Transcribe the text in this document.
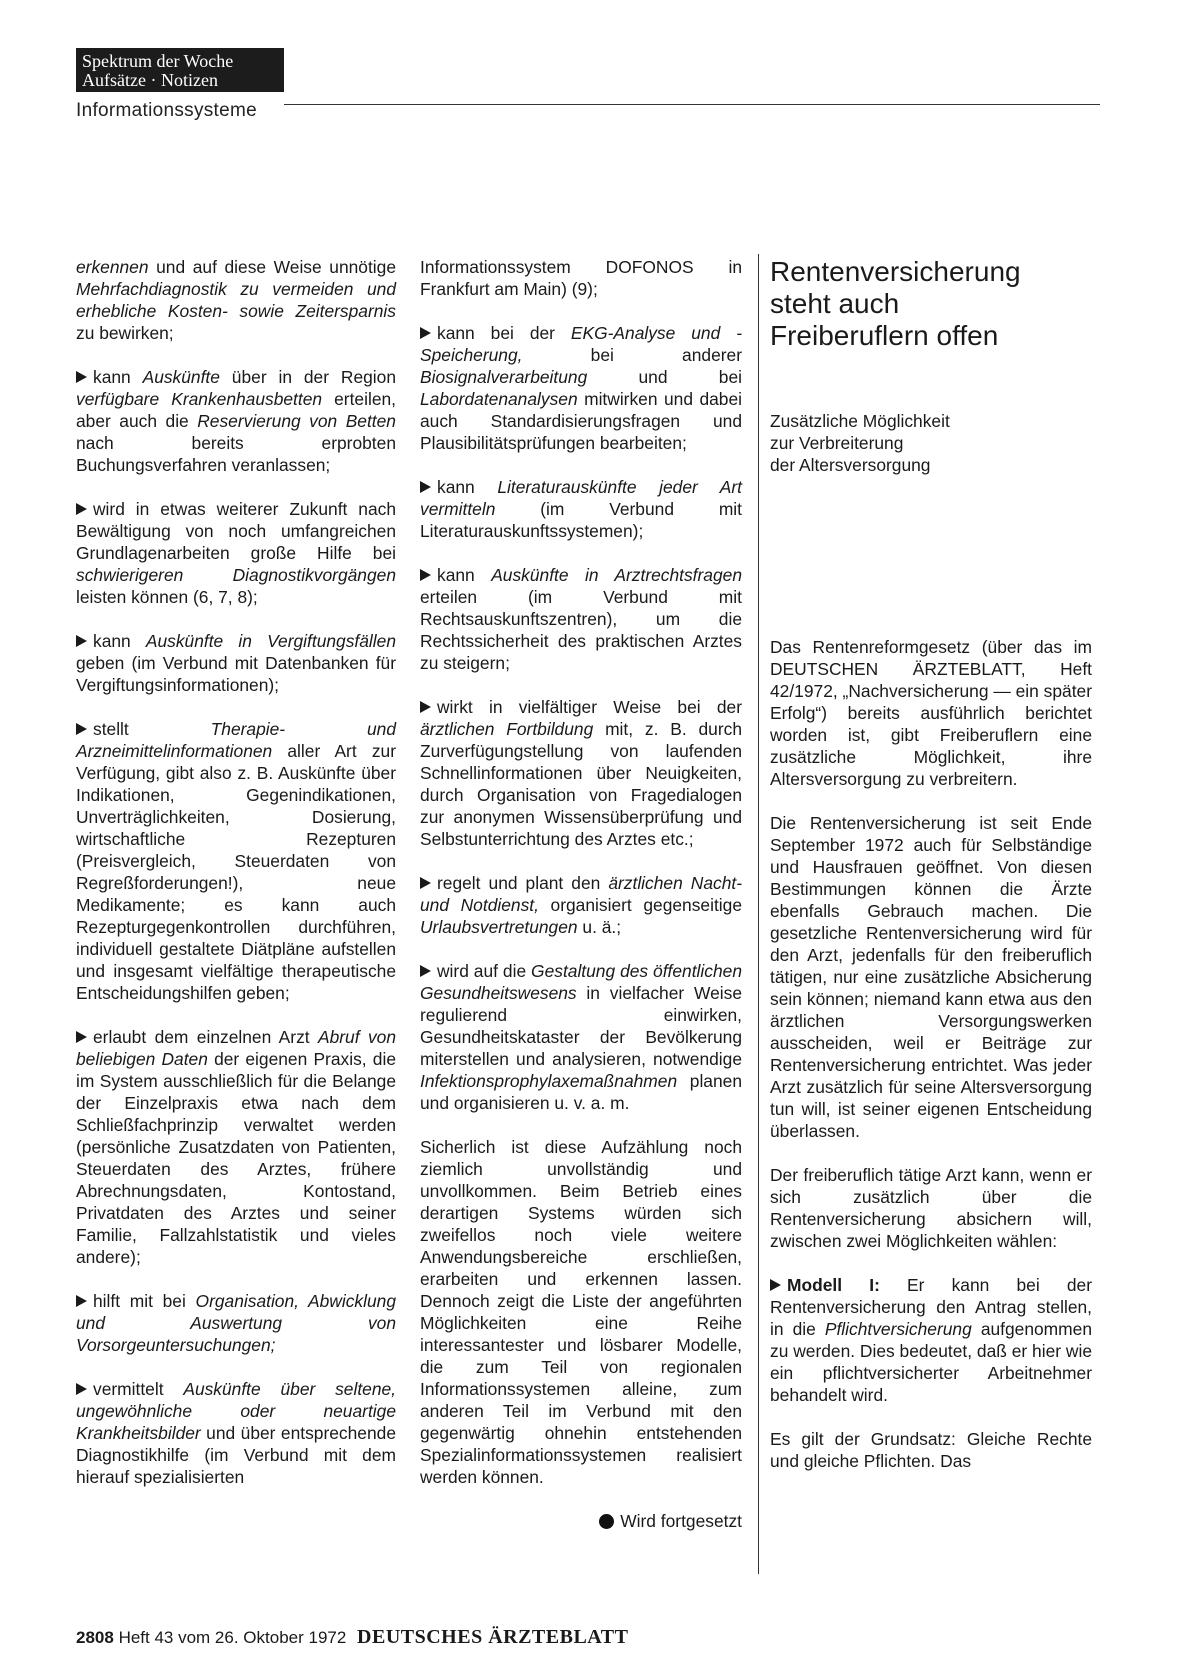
Spektrum der Woche
Aufsätze · Notizen
Informationssysteme

erkennen und auf diese Weise unnötige Mehrfachdiagnostik zu vermeiden und erhebliche Kosten- sowie Zeitersparnis zu bewirken;

kann Auskünfte über in der Region verfügbare Krankenhausbetten erteilen, aber auch die Reservierung von Betten nach bereits erprobten Buchungsverfahren veranlassen;

wird in etwas weiterer Zukunft nach Bewältigung von noch umfangreichen Grundlagenarbeiten große Hilfe bei schwierigeren Diagnostikvorgängen leisten können (6, 7, 8);

kann Auskünfte in Vergiftungsfällen geben (im Verbund mit Datenbanken für Vergiftungsinformationen);

stellt Therapie- und Arzneimittelinformationen aller Art zur Verfügung, gibt also z. B. Auskünfte über Indikationen, Gegenindikationen, Unverträglichkeiten, Dosierung, wirtschaftliche Rezepturen (Preisvergleich, Steuerdaten von Regreßforderungen!), neue Medikamente; es kann auch Rezepturgegenkontrollen durchführen, individuell gestaltete Diätpläne aufstellen und insgesamt vielfältige therapeutische Entscheidungshilfen geben;

erlaubt dem einzelnen Arzt Abruf von beliebigen Daten der eigenen Praxis, die im System ausschließlich für die Belange der Einzelpraxis etwa nach dem Schließfachprinzip verwaltet werden (persönliche Zusatzdaten von Patienten, Steuerdaten des Arztes, frühere Abrechnungsdaten, Kontostand, Privatdaten des Arztes und seiner Familie, Fallzahlstatistik und vieles andere);

hilft mit bei Organisation, Abwicklung und Auswertung von Vorsorgeuntersuchungen;

vermittelt Auskünfte über seltene, ungewöhnliche oder neuartige Krankheitsbilder und über entsprechende Diagnostikhilfe (im Verbund mit dem hierauf spezialisierten

Informationssystem DOFONOS in Frankfurt am Main) (9);

kann bei der EKG-Analyse und -Speicherung, bei anderer Biosignalverarbeitung und bei Labordatenanalysen mitwirken und dabei auch Standardisierungsfragen und Plausibilitätsprüfungen bearbeiten;

kann Literaturauskünfte jeder Art vermitteln (im Verbund mit Literaturauskunftssystemen);

kann Auskünfte in Arztrechtsfragen erteilen (im Verbund mit Rechtsauskunftszentren), um die Rechtssicherheit des praktischen Arztes zu steigern;

wirkt in vielfältiger Weise bei der ärztlichen Fortbildung mit, z. B. durch Zurverfügungstellung von laufenden Schnellinformationen über Neuigkeiten, durch Organisation von Fragedialogen zur anonymen Wissensüberprüfung und Selbstunterrichtung des Arztes etc.;

regelt und plant den ärztlichen Nacht- und Notdienst, organisiert gegenseitige Urlaubsvertretungen u. ä.;

wird auf die Gestaltung des öffentlichen Gesundheitswesens in vielfacher Weise regulierend einwirken, Gesundheitskataster der Bevölkerung miterstellen und analysieren, notwendige Infektionsprophylaxemaßnahmen planen und organisieren u. v. a. m.

Sicherlich ist diese Aufzählung noch ziemlich unvollständig und unvollkommen. Beim Betrieb eines derartigen Systems würden sich zweifellos noch viele weitere Anwendungsbereiche erschließen, erarbeiten und erkennen lassen. Dennoch zeigt die Liste der angeführten Möglichkeiten eine Reihe interessantester und lösbarer Modelle, die zum Teil von regionalen Informationssystemen alleine, zum anderen Teil im Verbund mit den gegenwärtig ohnehin entstehenden Spezialinformationssystemen realisiert werden können.

Wird fortgesetzt

Rentenversicherung
steht auch
Freiberuflern offen
Zusätzliche Möglichkeit
zur Verbreiterung
der Altersversorgung

Das Rentenreformgesetz (über das im DEUTSCHEN ÄRZTEBLATT, Heft 42/1972, „Nachversicherung — ein später Erfolg“) bereits ausführlich berichtet worden ist, gibt Freiberuflern eine zusätzliche Möglichkeit, ihre Altersversorgung zu verbreitern.

Die Rentenversicherung ist seit Ende September 1972 auch für Selbständige und Hausfrauen geöffnet. Von diesen Bestimmungen können die Ärzte ebenfalls Gebrauch machen. Die gesetzliche Rentenversicherung wird für den Arzt, jedenfalls für den freiberuflich tätigen, nur eine zusätzliche Absicherung sein können; niemand kann etwa aus den ärztlichen Versorgungswerken ausscheiden, weil er Beiträge zur Rentenversicherung entrichtet. Was jeder Arzt zusätzlich für seine Altersversorgung tun will, ist seiner eigenen Entscheidung überlassen.

Der freiberuflich tätige Arzt kann, wenn er sich zusätzlich über die Rentenversicherung absichern will, zwischen zwei Möglichkeiten wählen:

Modell I: Er kann bei der Rentenversicherung den Antrag stellen, in die Pflichtversicherung aufgenommen zu werden. Dies bedeutet, daß er hier wie ein pflichtversicherter Arbeitnehmer behandelt wird.

Es gilt der Grundsatz: Gleiche Rechte und gleiche Pflichten. Das

2808 Heft 43 vom 26. Oktober 1972 DEUTSCHES ÄRZTEBLATT
